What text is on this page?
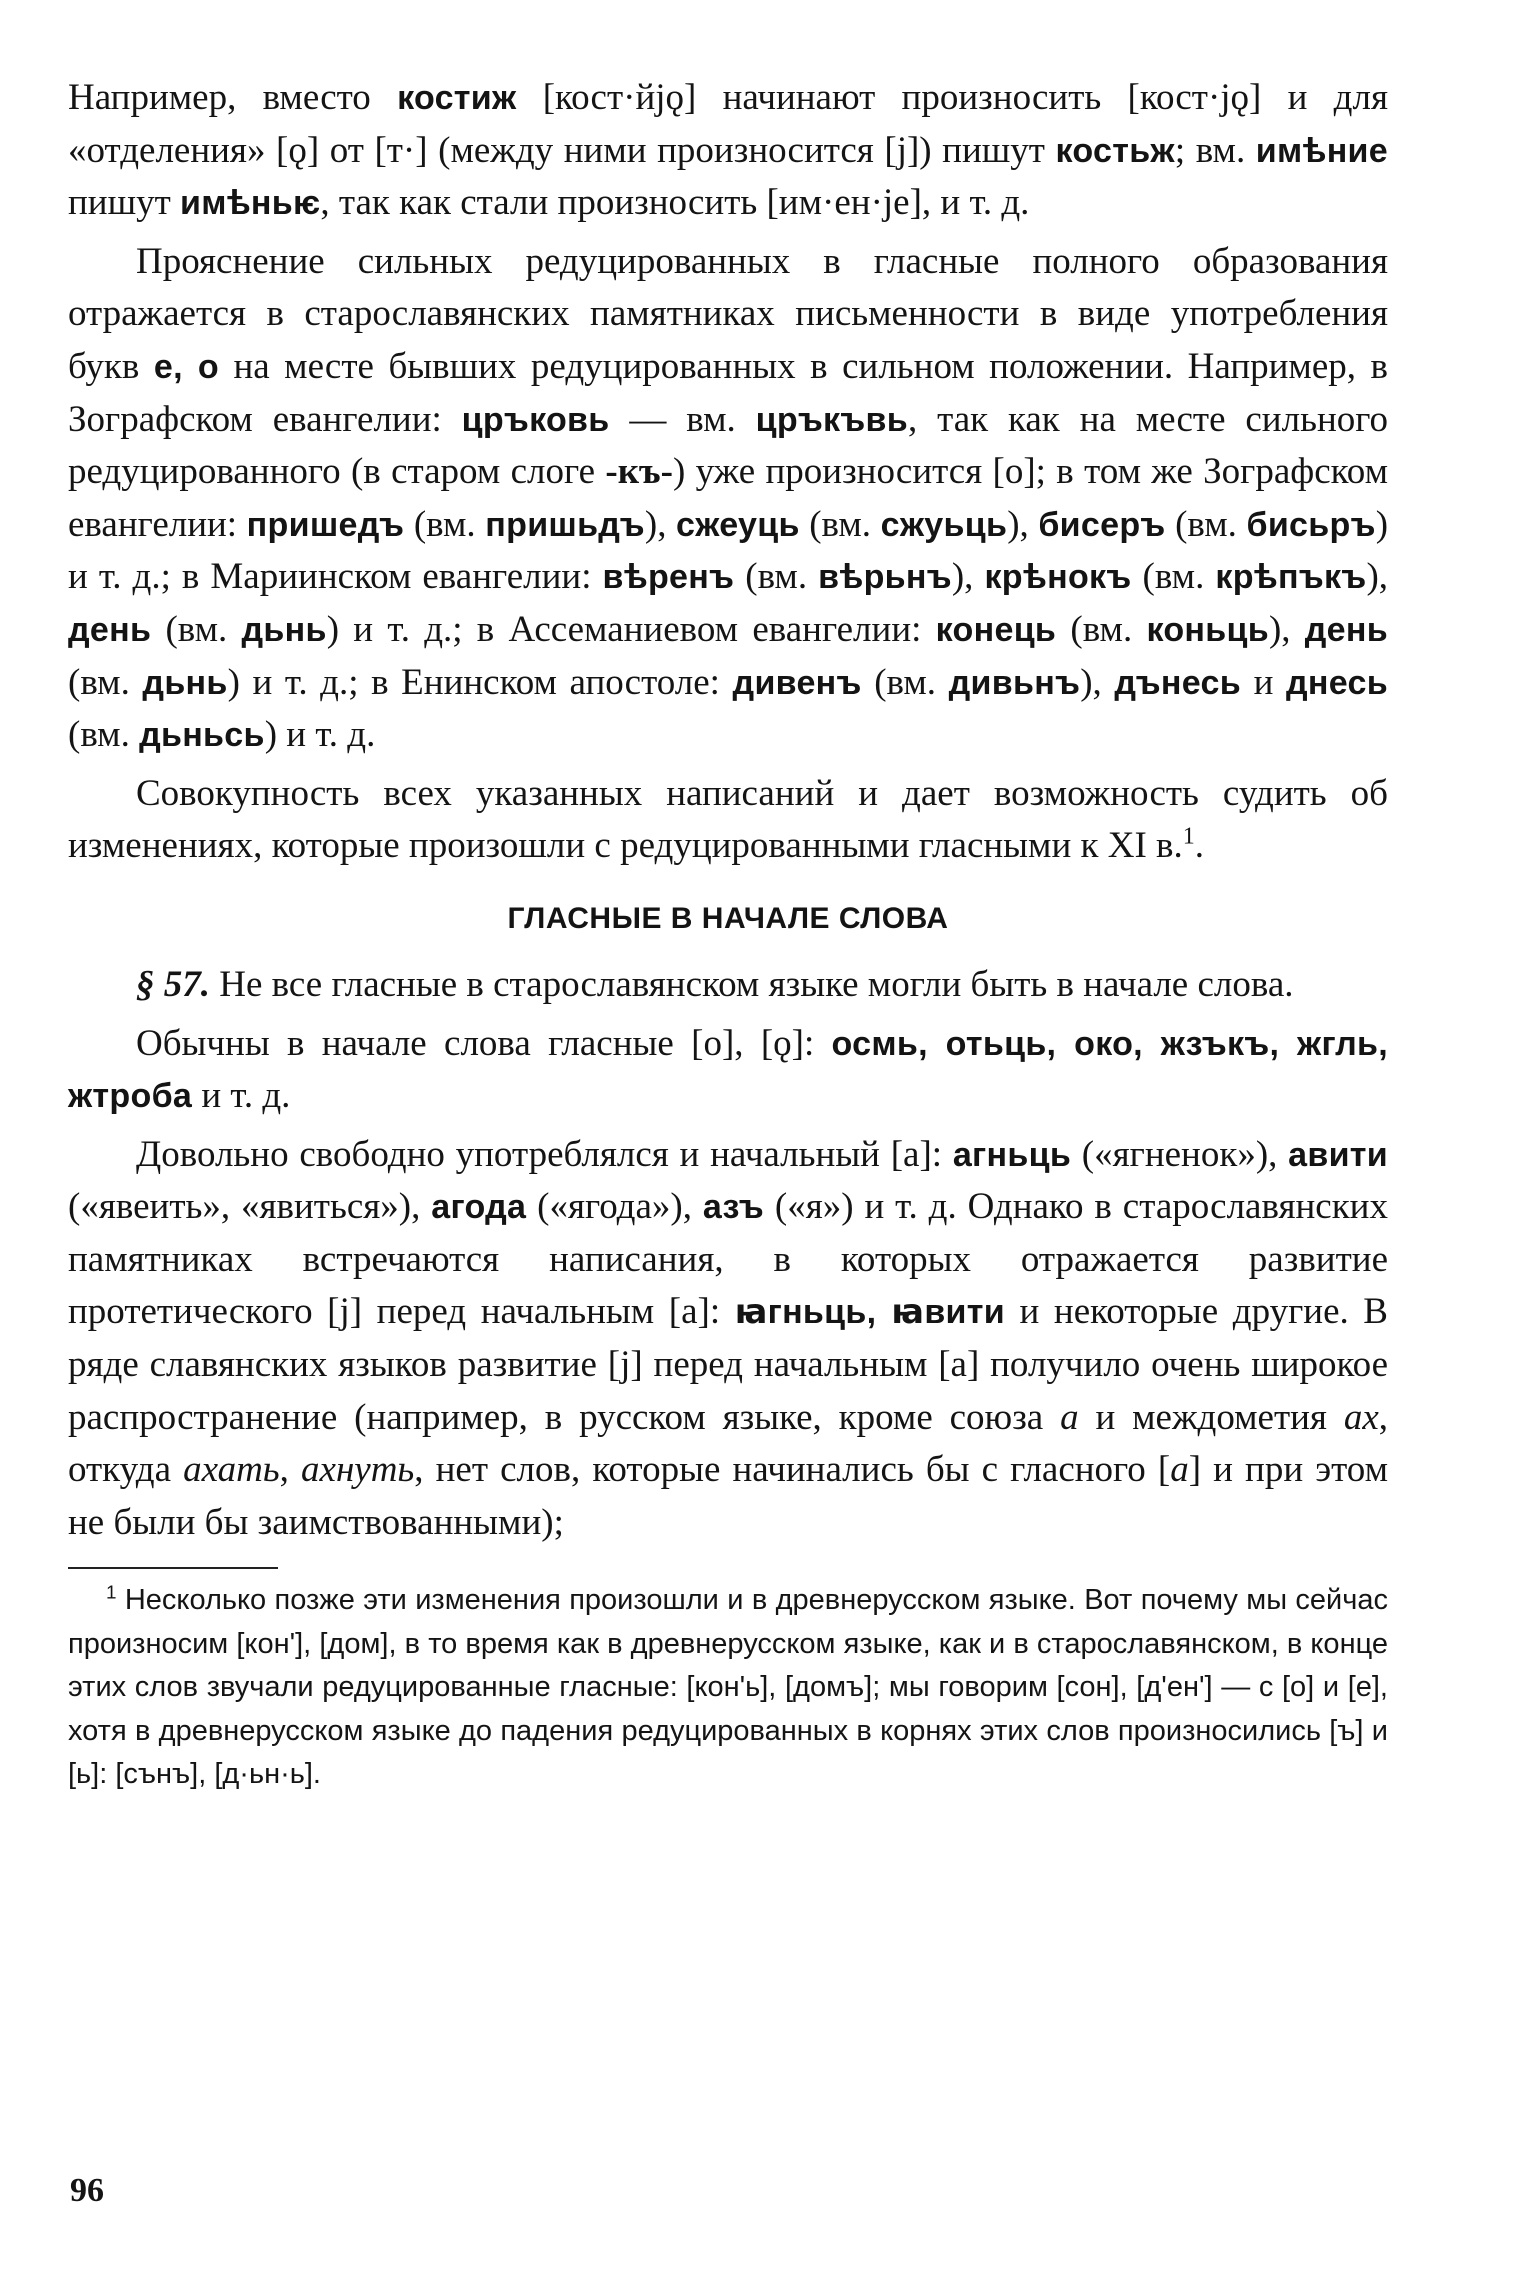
Например, вместо костиж [кост·йjǫ] начинают произносить [кост·jǫ] и для «отделения» [ǫ] от [т·] (между ними произносится [j]) пишут костьж; вм. имѣние пишут имѣньѥ, так как стали произносить [им·ен·je], и т. д.

Прояснение сильных редуцированных в гласные полного образования отражается в старославянских памятниках письменности в виде употребления букв е, о на месте бывших редуцированных в сильном положении. Например, в Зографском евангелии: цръковь — вм. цръкъвь, так как на месте сильного редуцированного (в старом слоге -къ-) уже произносится [о]; в том же Зографском евангелии: пришедъ (вм. пришьдъ), сжеуць (вм. сжуьць), бисеръ (вм. бисьръ) и т. д.; в Мариинском евангелии: вѣренъ (вм. вѣрьнъ), крѣнокъ (вм. крѣпъкъ), день (вм. дьнь) и т. д.; в Ассеманиевом евангелии: конець (вм. коньць), день (вм. дьнь) и т. д.; в Енинском апостоле: дивенъ (вм. дивьнъ), дънесь и днесь (вм. дьньсь) и т. д.

Совокупность всех указанных написаний и дает возможность судить об изменениях, которые произошли с редуцированными гласными к XI в.$^1$.

ГЛАСНЫЕ В НАЧАЛЕ СЛОВА

§ 57. Не все гласные в старославянском языке могли быть в начале слова.

Обычны в начале слова гласные [о], [ǫ]: осмь, отьць, око, жзъкъ, жгль, жтроба и т. д.

Довольно свободно употреблялся и начальный [а]: агньць («ягненок»), авити («явеить», «явиться»), агода («ягода»), азъ («я») и т. д. Однако в старославянских памятниках встречаются написания, в которых отражается развитие протетического [j] перед начальным [а]: ꙗгньць, ꙗвити и некоторые другие. В ряде славянских языков развитие [j] перед начальным [а] получило очень широкое распространение (например, в русском языке, кроме союза а и междометия ах, откуда ахать, ахнуть, нет слов, которые начинались бы с гласного [а] и при этом не были бы заимствованными);

$^1$ Несколько позже эти изменения произошли и в древнерусском языке. Вот почему мы сейчас произносим [кон'], [дом], в то время как в древнерусском языке, как и в старославянском, в конце этих слов звучали редуцированные гласные: [кон'ь], [домъ]; мы говорим [сон], [д'ен'] — с [о] и [е], хотя в древнерусском языке до падения редуцированных в корнях этих слов произносились [ъ] и [ь]: [сънъ], [д·ьн·ь].

96
